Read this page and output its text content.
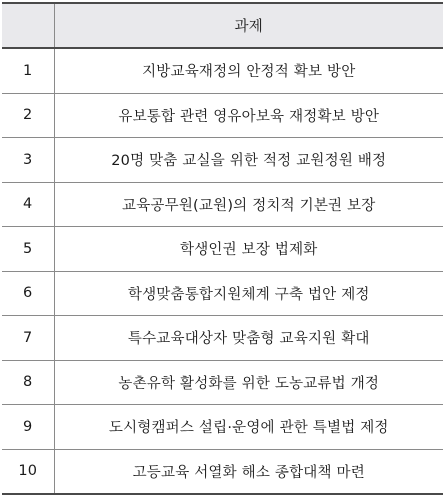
	과제
1	지방교육재정의 안정적 확보 방안
2	유보통합 관련 영유아보육 재정확보 방안
3	20명 맞춤 교실을 위한 적정 교원정원 배정
4	교육공무원(교원)의 정치적 기본권 보장
5	학생인권 보장 법제화
6	학생맞춤통합지원체계 구축 법안 제정
7	특수교육대상자 맞춤형 교육지원 확대
8	농촌유학 활성화를 위한 도농교류법 개정
9	도시형캠퍼스 설립·운영에 관한 특별법 제정
10	고등교육 서열화 해소 종합대책 마련
